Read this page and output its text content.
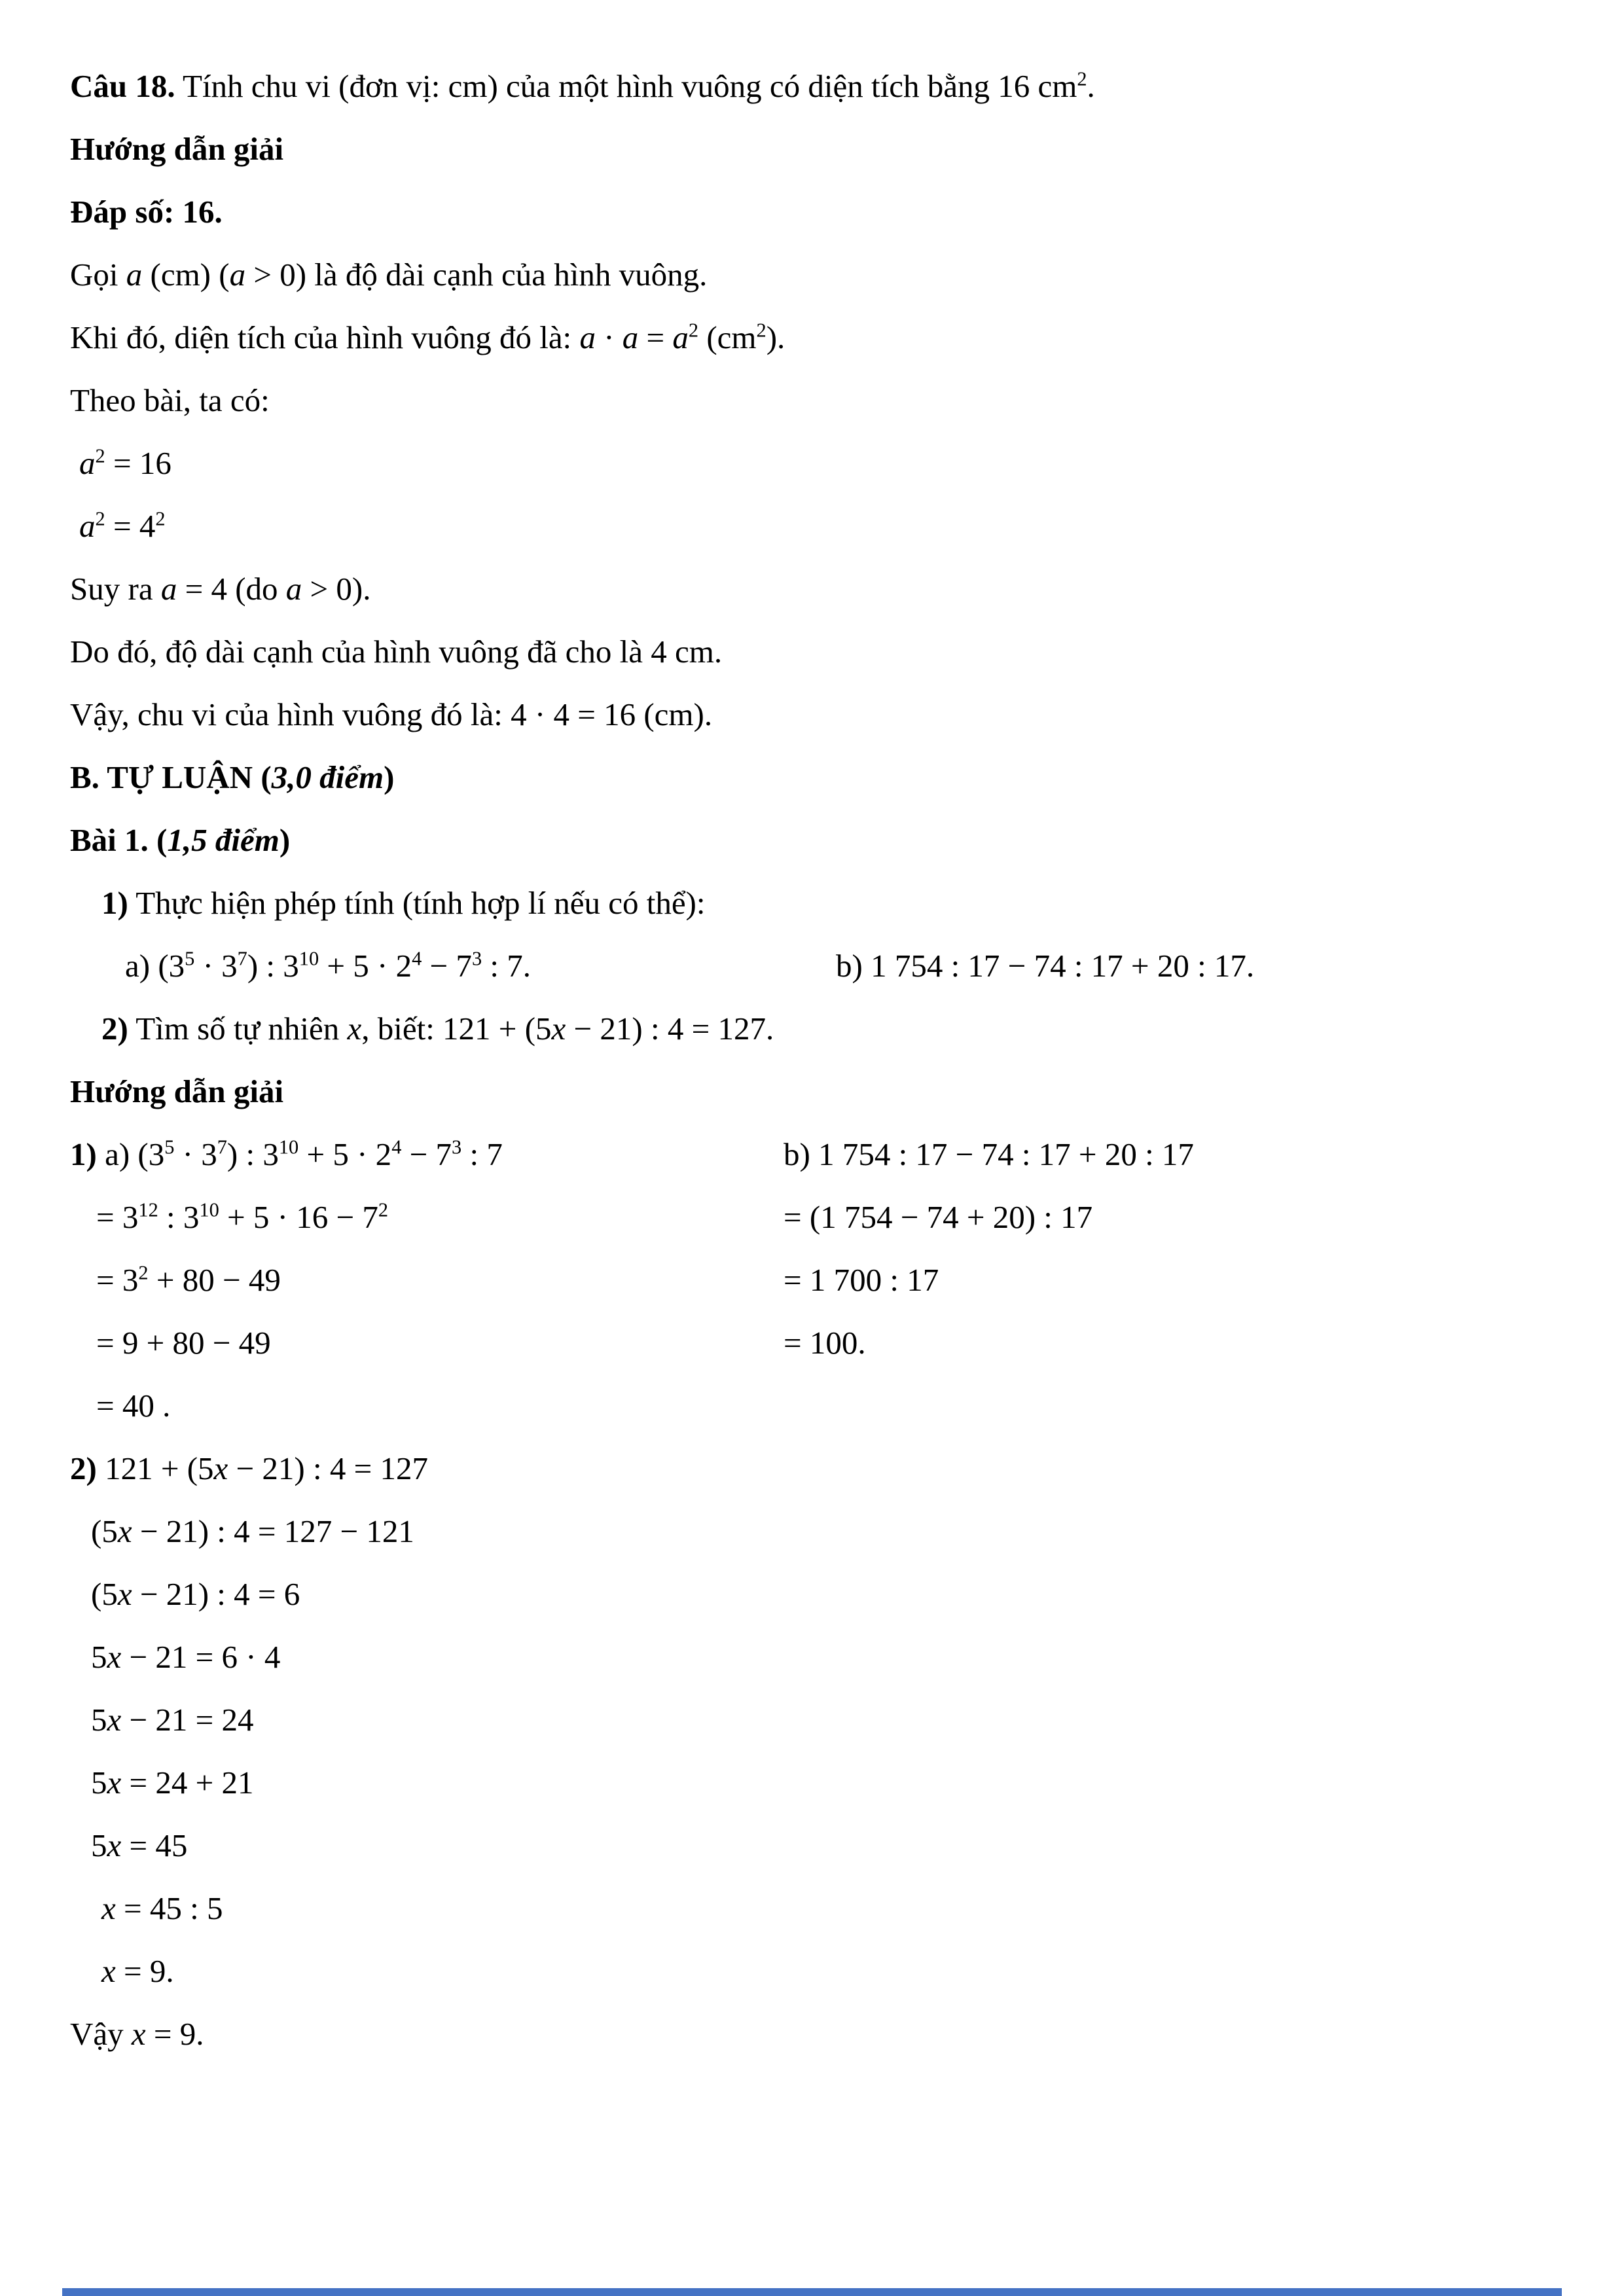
Câu 18. Tính chu vi (đơn vị: cm) của một hình vuông có diện tích bằng 16 $cm^2$.

Hướng dẫn giải

Đáp số: 16.

Gọi a (cm) (a > 0) là độ dài cạnh của hình vuông.

Khi đó, diện tích của hình vuông đó là: $a \cdot a = a^2$ $(cm^2)$.

Theo bài, ta có:

$a^2 = 16$

$a^2 = 4^2$

Suy ra a = 4 (do a > 0).

Do đó, độ dài cạnh của hình vuông đã cho là 4 cm.

Vậy, chu vi của hình vuông đó là: 4 · 4 = 16 (cm).

B. TỰ LUẬN (3,0 điểm)

Bài 1. (1,5 điểm)

1) Thực hiện phép tính (tính hợp lí nếu có thể):

a) $(3^5 \cdot 3^7)$ : $3^{10} + 5 \cdot 2^4 - 7^3$ : 7.	b) 1 754 : 17 − 74 : 17 + 20 : 17.

2) Tìm số tự nhiên x, biết: 121 + (5x − 21) : 4 = 127.

Hướng dẫn giải

1) a) $(3^5 \cdot 3^7)$ : $3^{10} + 5 \cdot 2^4 - 7^3$ : 7

= $3^{12}$ : $3^{10} + 5 \cdot 16 - 7^2$

= $3^2 + 80 - 49$

= 9 + 80 − 49

= 40 .

b) 1 754 : 17 − 74 : 17 + 20 : 17

= (1 754 − 74 + 20) : 17

= 1 700 : 17

= 100.

2) 121 + (5x − 21) : 4 = 127

(5x − 21) : 4 = 127 − 121

(5x − 21) : 4 = 6

5x − 21 = 6 · 4

5x − 21 = 24

5x = 24 + 21

5x = 45

x = 45 : 5

x = 9.

Vậy x = 9.
